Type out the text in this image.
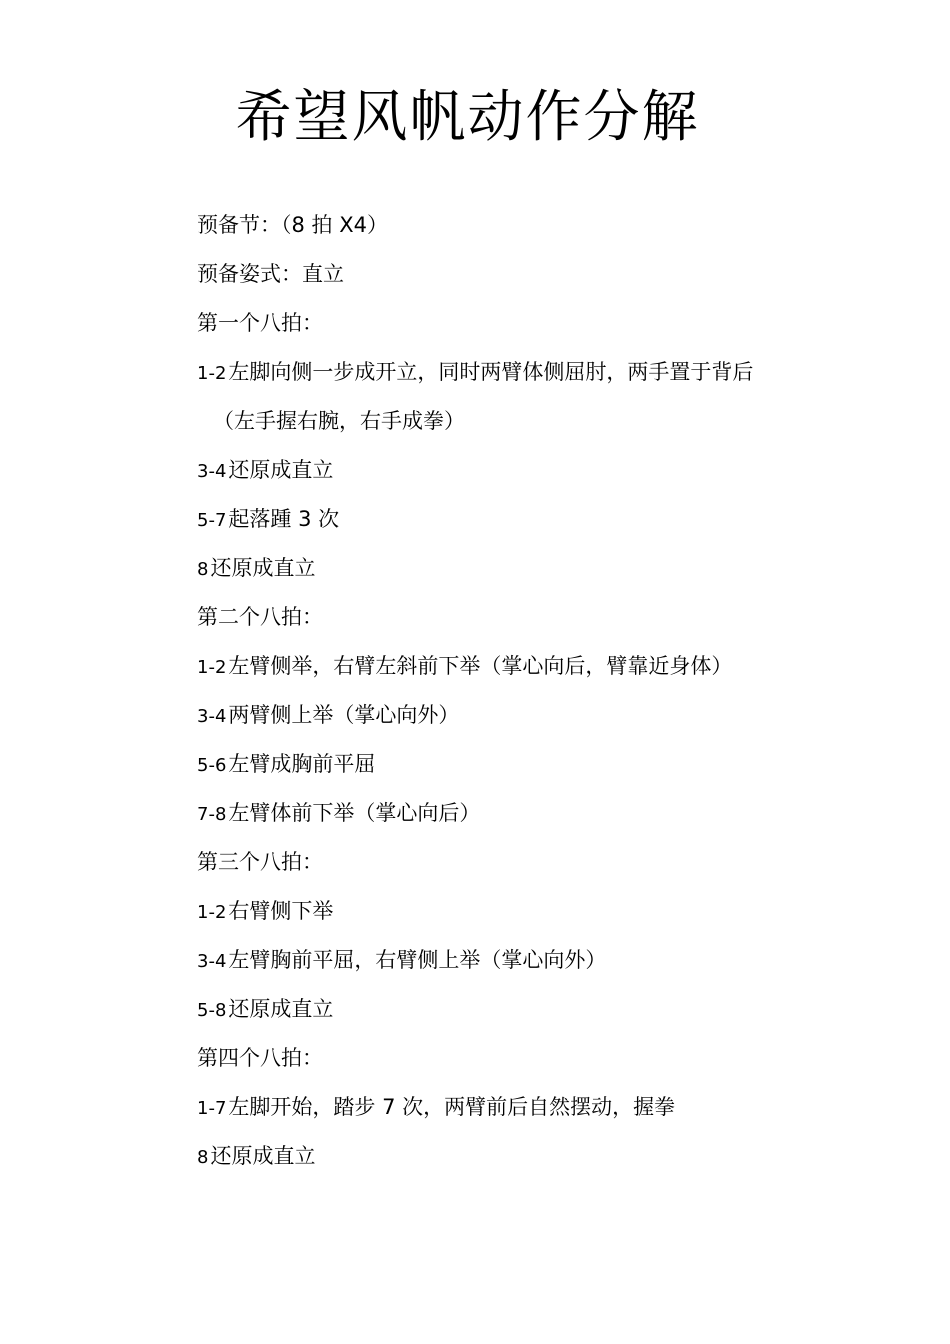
希望风帆动作分解
预备节：（8 拍 X4）
预备姿式：直立
第一个八拍：
1-2左脚向侧一步成开立，同时两臂体侧屈肘，两手置于背后
（左手握右腕，右手成拳）
3-4还原成直立
5-7起落踵 3 次
8还原成直立
第二个八拍：
1-2左臂侧举，右臂左斜前下举（掌心向后，臂靠近身体）
3-4两臂侧上举（掌心向外）
5-6左臂成胸前平屈
7-8左臂体前下举（掌心向后）
第三个八拍：
1-2右臂侧下举
3-4左臂胸前平屈，右臂侧上举（掌心向外）
5-8还原成直立
第四个八拍：
1-7左脚开始，踏步 7 次，两臂前后自然摆动，握拳
8还原成直立
